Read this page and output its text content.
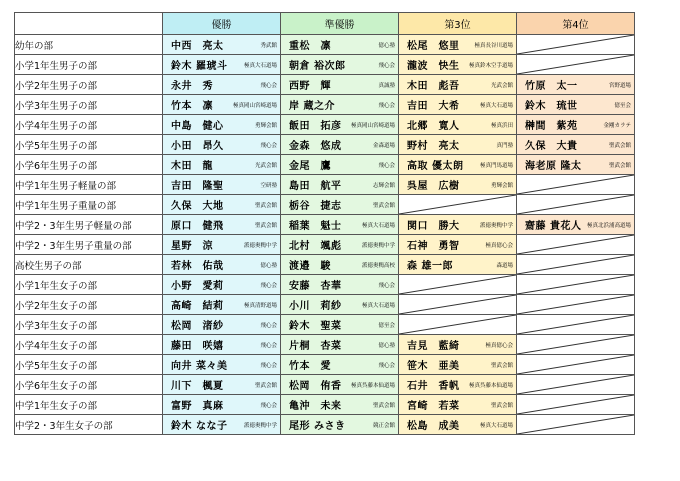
	優勝	準優勝	第3位	第4位
幼年の部	中西　亮太 秀武館	重松　凛 億心塾	松尾　悠里 極真長谷川道場

小学1年生男子の部	鈴木 羅琥斗 極真大石道場	朝倉 裕次郎 飛心会	瀧波　快生 極真鈴木空手道場

小学2年生男子の部	永井　秀 飛心会	西野　輝 真誠塾	木田　彪吾 光武会館	竹原　太一 宮野道場

小学3年生男子の部	竹本　凛 極真岡山宮崎道場	岸 蔵之介 飛心会	吉田　大希 極真大石道場	鈴木　琉世 億至会

小学4年生男子の部	中島　健心 勇輝会館	飯田　拓彦 極真岡山宮崎道場	北郷　寛人 極真浜田	榊間　紫苑 金剛カラテ

小学5年生男子の部	小田　昂久 飛心会	金森　悠成 金森道場	野村　亮太 真門塾	久保　大貴 聖武会館

小学6年生男子の部	木田　龍 光武会館	金尾　鷹 飛心会	高取 優太朗 極真門馬道場	海老原 隆太 聖武会館

中学1年生男子軽量の部	吉田　隆聖 空研塾	島田　航平 志輝会館	呉屋　広樹 勇輝会館

中学1年生男子重量の部	久保　大地 聖武会館	栃谷　捷志 聖武会館

中学2・3年生男子軽量の部	原口　健飛 聖武会館	稲葉　魁士 極真大石道場	関口　勝大 派徳奥鴨中学	齋藤 貴花人 極真北浜浦高道場

中学2・3年生男子重量の部	星野　涼 派徳奥鴨中学	北村　颯彪 派徳奥鴨中学	石神　勇智 極真億心会

高校生男子の部	若林　佑哉 億心塾	渡邉　駿 派徳奥鴨高校	森 雄一郎 森道場

小学1年生女子の部	小野　愛莉 飛心会	安藤　杏華 飛心会

小学2年生女子の部	高崎　結莉 極真清野道場	小川　莉紗 極真大石道場

小学3年生女子の部	松岡　渚紗 飛心会	鈴木　聖菜 億至会

小学4年生女子の部	藤田　咲嬉 飛心会	片桐　杏菜 億心塾	吉見　藍綺 極真億心会

小学5年生女子の部	向井 菜々美 飛心会	竹本　愛 飛心会	笹木　亜美 聖武会館

小学6年生女子の部	川下　楓夏 聖武会館	松岡　侑香 極真呉藤本仙道場	石井　香帆 極真呉藤本仙道場

中学1年生女子の部	富野　真麻 飛心会	亀沖　未来 聖武会館	宮崎　若菜 聖武会館

中学2・3年生女子の部	鈴木 なな子 派徳奥鴨中学	尾形 みさき 競正会館	松島　成美 極真大石道場
